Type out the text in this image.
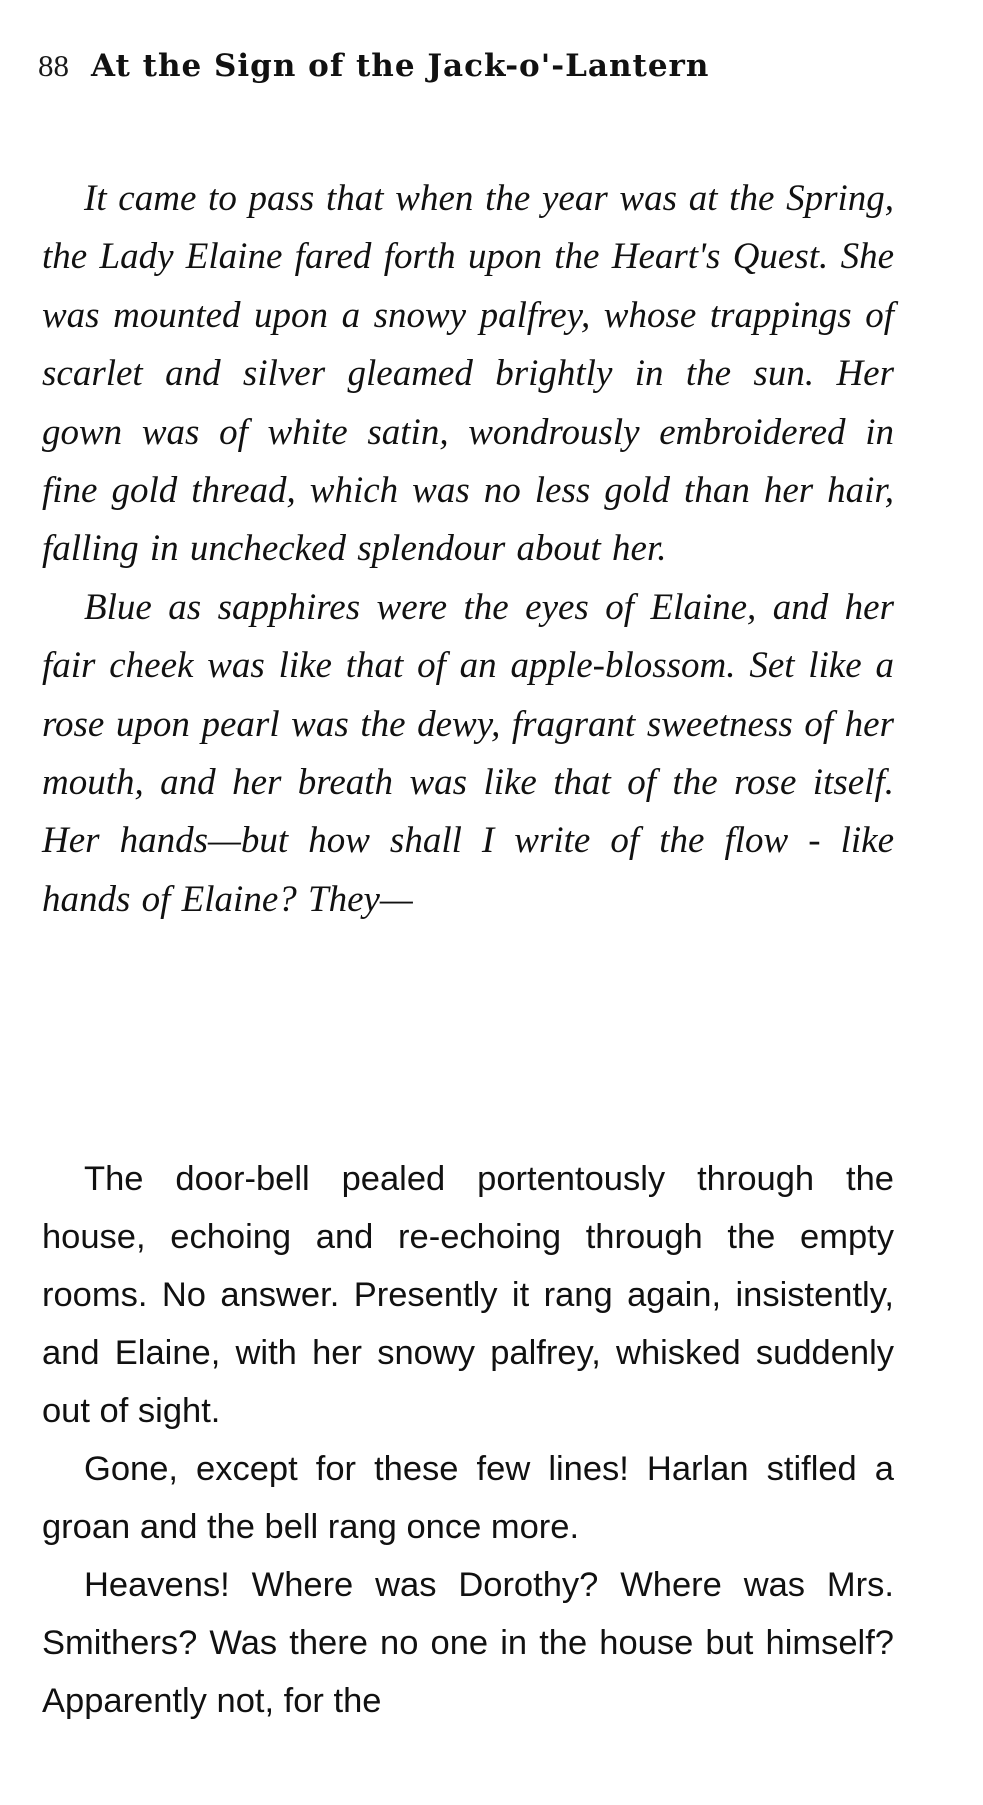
88 At the Sign of the Jack-o'-Lantern

It came to pass that when the year was at the Spring, the Lady Elaine fared forth upon the Heart's Quest. She was mounted upon a snowy palfrey, whose trappings of scarlet and silver gleamed brightly in the sun. Her gown was of white satin, wondrously embroidered in fine gold thread, which was no less gold than her hair, falling in unchecked splendour about her.

Blue as sapphires were the eyes of Elaine, and her fair cheek was like that of an apple-blossom. Set like a rose upon pearl was the dewy, fragrant sweetness of her mouth, and her breath was like that of the rose itself. Her hands—but how shall I write of the flow - like hands of Elaine? They—

The door-bell pealed portentously through the house, echoing and re-echoing through the empty rooms. No answer. Presently it rang again, insistently, and Elaine, with her snowy palfrey, whisked suddenly out of sight.

Gone, except for these few lines! Harlan stifled a groan and the bell rang once more.

Heavens! Where was Dorothy? Where was Mrs. Smithers? Was there no one in the house but himself? Apparently not, for the
